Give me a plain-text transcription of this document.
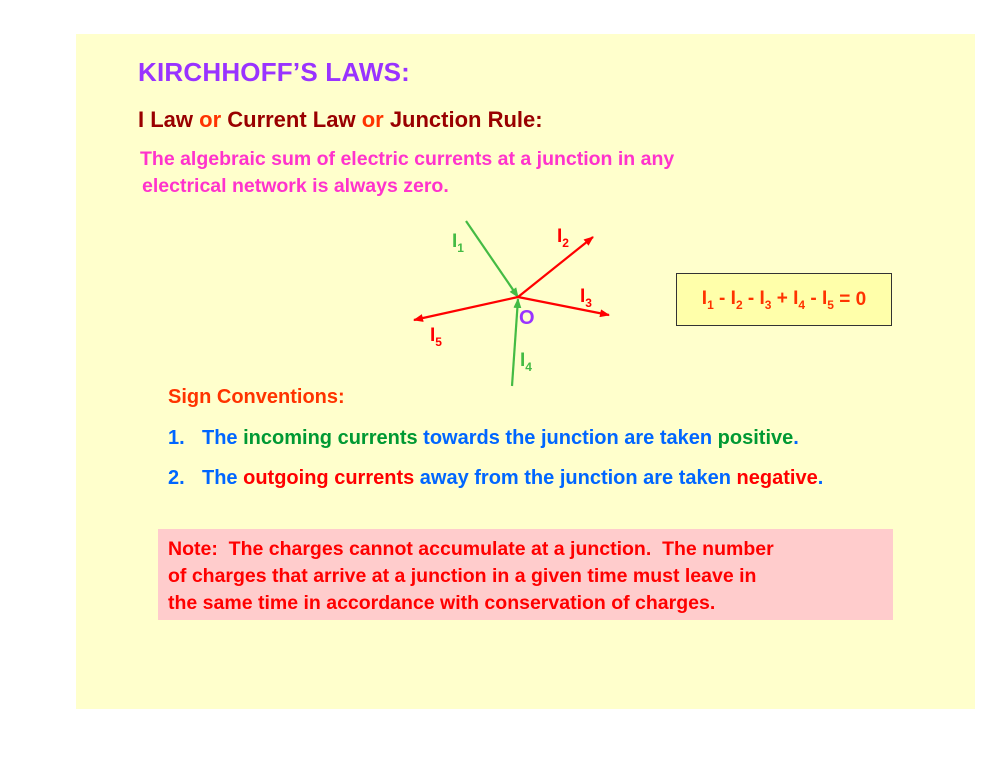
KIRCHHOFF’S LAWS:
I Law or Current Law or Junction Rule:

The algebraic sum of electric currents at a junction in any
electrical network is always zero.

$I_1$
$I_2$
$I_3$
$I_4$
$I_5$
O
$I_1 - I_2 - I_3 + I_4 - I_5 = 0$
Sign Conventions:

1. The incoming currents towards the junction are taken positive.

2. The outgoing currents away from the junction are taken negative.

Note:  The charges cannot accumulate at a junction.  The number
of charges that arrive at a junction in a given time must leave in
the same time in accordance with conservation of charges.
